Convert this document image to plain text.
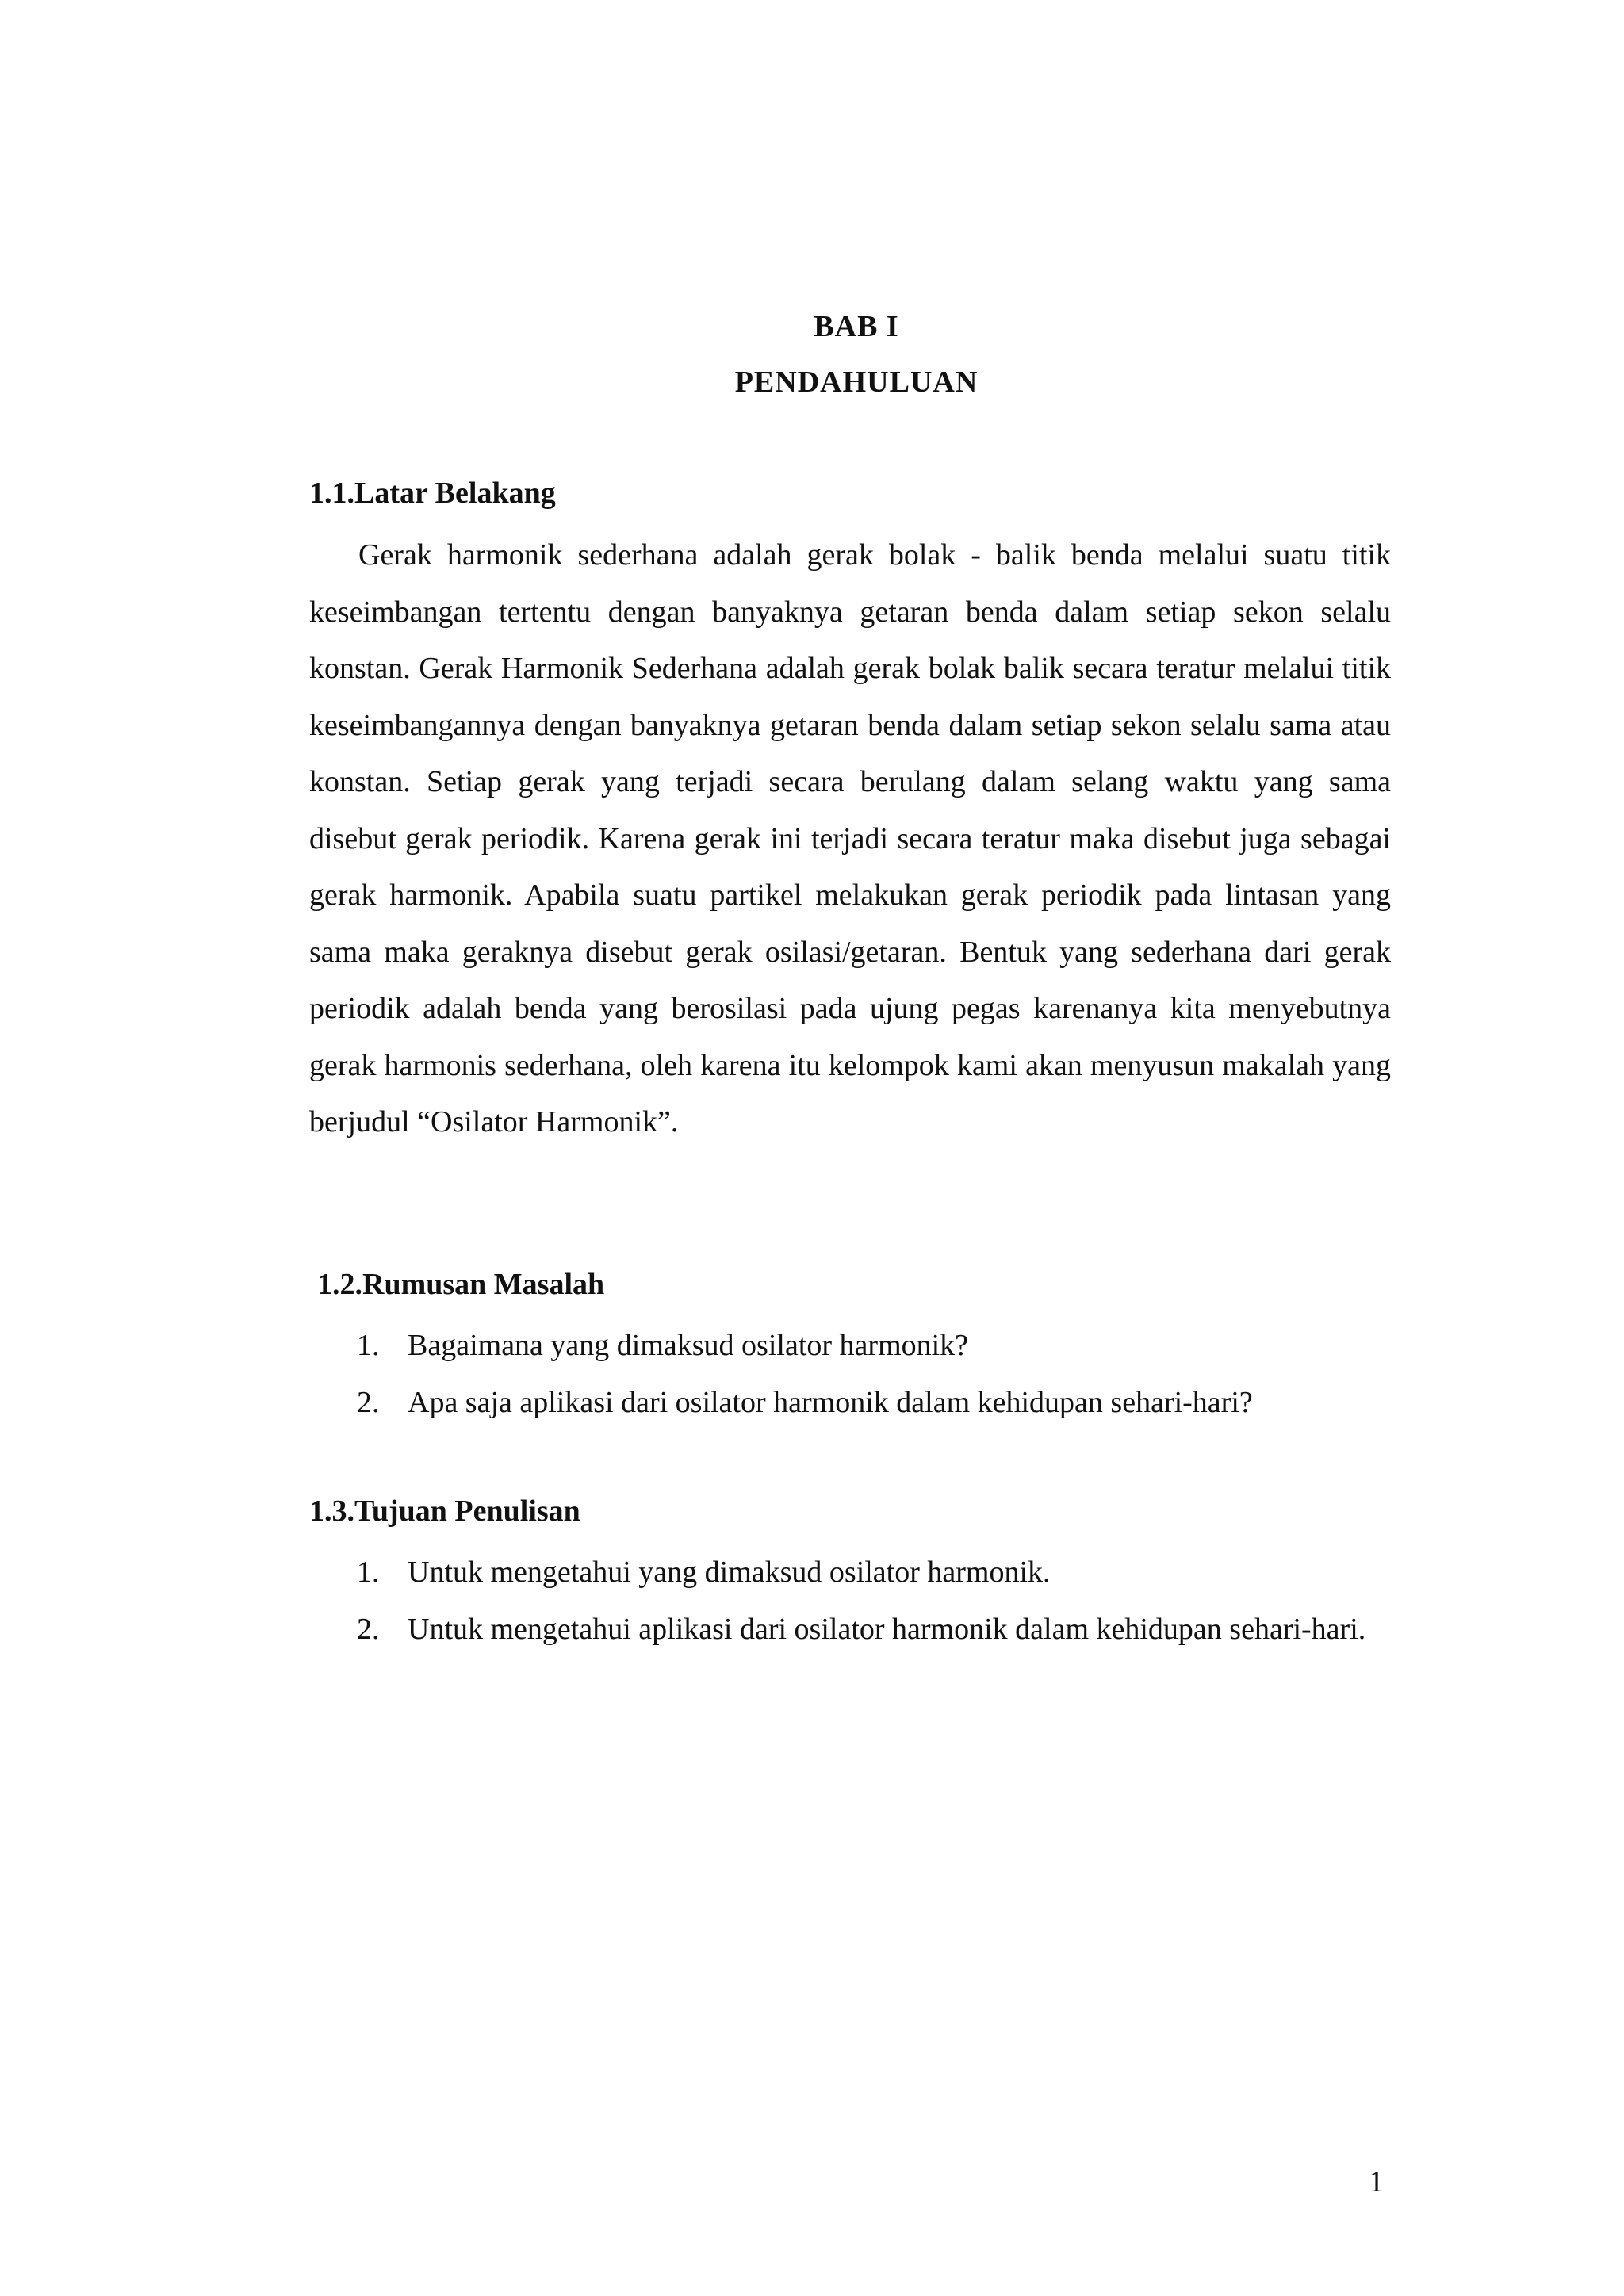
BAB I
PENDAHULUAN
1.1.Latar Belakang

Gerak harmonik sederhana adalah gerak bolak - balik benda melalui suatu titik keseimbangan tertentu dengan banyaknya getaran benda dalam setiap sekon selalu konstan. Gerak Harmonik Sederhana adalah gerak bolak balik secara teratur melalui titik keseimbangannya dengan banyaknya getaran benda dalam setiap sekon selalu sama atau konstan. Setiap gerak yang terjadi secara berulang dalam selang waktu yang sama disebut gerak periodik. Karena gerak ini terjadi secara teratur maka disebut juga sebagai gerak harmonik. Apabila suatu partikel melakukan gerak periodik pada lintasan yang sama maka geraknya disebut gerak osilasi/getaran. Bentuk yang sederhana dari gerak periodik adalah benda yang berosilasi pada ujung pegas karenanya kita menyebutnya gerak harmonis sederhana, oleh karena itu kelompok kami akan menyusun makalah yang berjudul “Osilator Harmonik”.

1.2.Rumusan Masalah
1. Bagaimana yang dimaksud osilator harmonik?
2. Apa saja aplikasi dari osilator harmonik dalam kehidupan sehari-hari?
1.3.Tujuan Penulisan
1. Untuk mengetahui yang dimaksud osilator harmonik.
2. Untuk mengetahui aplikasi dari osilator harmonik dalam kehidupan sehari-hari.
1
